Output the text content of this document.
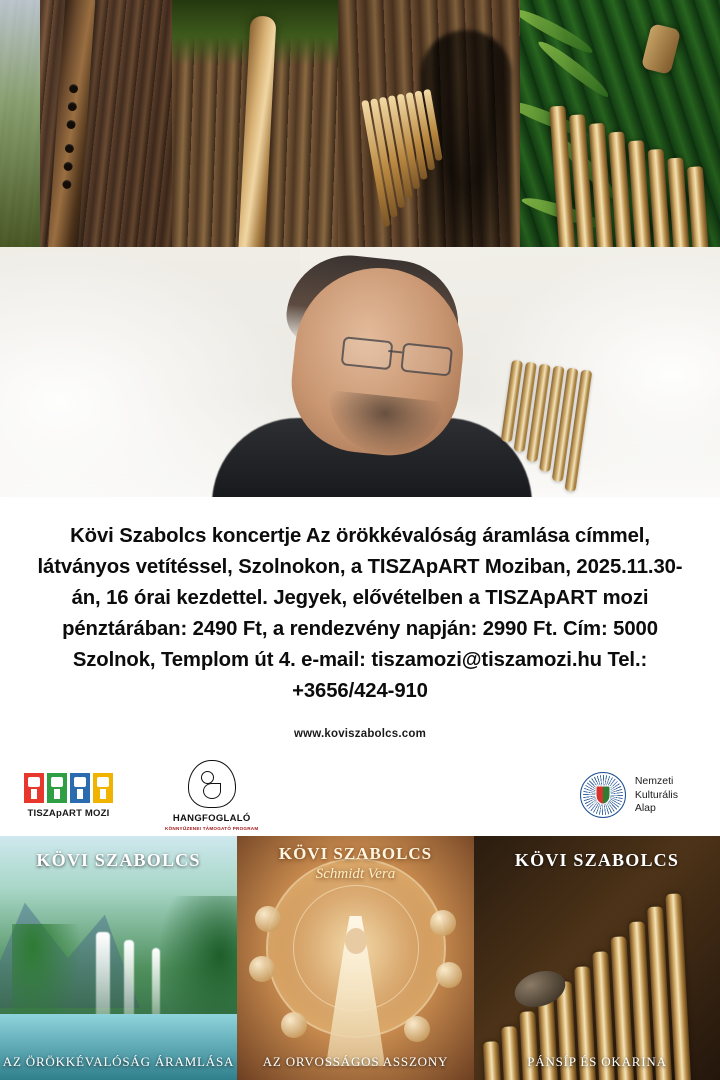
Kövi Szabolcs koncertje Az örökkévalóság áramlása címmel, látványos vetítéssel, Szolnokon, a TISZApART Moziban, 2025.11.30-án, 16 órai kezdettel. Jegyek, elővételben a TISZApART mozi pénztárában: 2490 Ft, a rendezvény napján: 2990 Ft. Cím: 5000 Szolnok, Templom út 4. e-mail: tiszamozi@tiszamozi.hu Tel.: +3656/424-910
www.koviszabolcs.com
TISZApART MOZI	HANGFOGLALÓ
KÖNNYŰZENEI TÁMOGATÓ PROGRAM
Nemzeti
Kulturális
Alap
KÖVI SZABOLCS
AZ ÖRÖKKÉVALÓSÁG ÁRAMLÁSA
KÖVI SZABOLCS
Schmidt Vera
AZ ORVOSSÁGOS ASSZONY
KÖVI SZABOLCS
PÁNSÍP ÉS OKARINA
